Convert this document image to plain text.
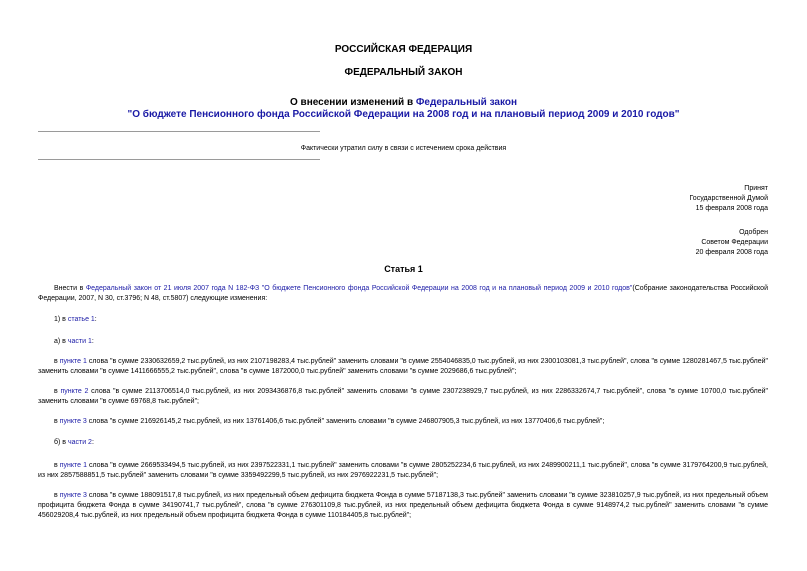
РОССИЙСКАЯ ФЕДЕРАЦИЯ
ФЕДЕРАЛЬНЫЙ ЗАКОН
О внесении изменений в Федеральный закон
"О бюджете Пенсионного фонда Российской Федерации на 2008 год и на плановый период 2009 и 2010 годов"
Фактически утратил силу в связи с истечением срока действия
Принят
Государственной Думой
15 февраля 2008 года
Одобрен
Советом Федерации
20 февраля 2008 года
Статья 1
Внести в Федеральный закон от 21 июля 2007 года N 182-ФЗ "О бюджете Пенсионного фонда Российской Федерации на 2008 год и на плановый период 2009 и 2010 годов"(Собрание законодательства Российской Федерации, 2007, N 30, ст.3796; N 48, ст.5807) следующие изменения:
1) в статье 1:
а) в части 1:
в пункте 1 слова "в сумме 2330632659,2 тыс.рублей, из них 2107198283,4 тыс.рублей" заменить словами "в сумме 2554046835,0 тыс.рублей, из них 2300103081,3 тыс.рублей", слова "в сумме 1280281467,5 тыс.рублей" заменить словами "в сумме 1411666555,2 тыс.рублей", слова "в сумме 1872000,0 тыс.рублей" заменить словами "в сумме 2029686,6 тыс.рублей";
в пункте 2 слова "в сумме 2113706514,0 тыс.рублей, из них 2093436876,8 тыс.рублей" заменить словами "в сумме 2307238929,7 тыс.рублей, из них 2286332674,7 тыс.рублей", слова "в сумме 10700,0 тыс.рублей" заменить словами "в сумме 69768,8 тыс.рублей";
в пункте 3 слова "в сумме 216926145,2 тыс.рублей, из них 13761406,6 тыс.рублей" заменить словами "в сумме 246807905,3 тыс.рублей, из них 13770406,6 тыс.рублей";
б) в части 2:
в пункте 1 слова "в сумме 2669533494,5 тыс.рублей, из них 2397522331,1 тыс.рублей" заменить словами "в сумме 2805252234,6 тыс.рублей, из них 2489900211,1 тыс.рублей", слова "в сумме 3179764200,9 тыс.рублей, из них 2857588851,5 тыс.рублей" заменить словами "в сумме 3359492299,5 тыс.рублей, из них 2976922231,5 тыс.рублей";
в пункте 3 слова "в сумме 188091517,8 тыс.рублей, из них предельный объем дефицита бюджета Фонда в сумме 57187138,3 тыс.рублей" заменить словами "в сумме 323810257,9 тыс.рублей, из них предельный объем профицита бюджета Фонда в сумме 34190741,7 тыс.рублей", слова "в сумме 276301109,8 тыс.рублей, из них предельный объем дефицита бюджета Фонда в сумме 9148974,2 тыс.рублей" заменить словами "в сумме 456029208,4 тыс.рублей, из них предельный объем профицита бюджета Фонда в сумме 110184405,8 тыс.рублей";
